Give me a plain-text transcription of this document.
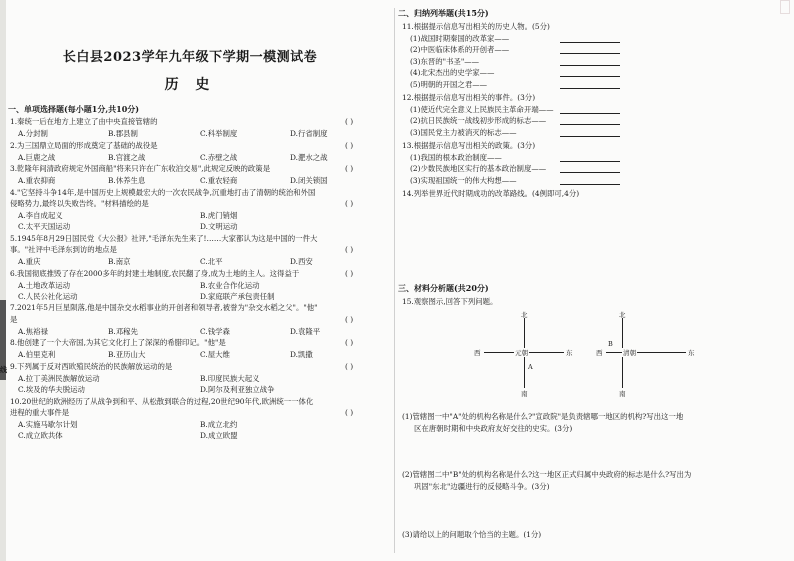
线
长白县2023学年九年级下学期一模测试卷
历 史
一、单项选择题(每小题1分,共10分)
1.秦统一后在地方上建立了由中央直接管辖的	( )
A.分封制	B.郡县制	C.科举制度	D.行省制度
2.为三国鼎立局面的形成奠定了基础的战役是	( )
A.巨鹿之战	B.官渡之战	C.赤壁之战	D.淝水之战
3.乾隆年间清政府规定外国商船"将来只许在广东收泊交易",此规定反映的政策是	( )
A.重农抑商	B.休养生息	C.重农轻商	D.闭关锁国
4."它坚持斗争14年,是中国历史上规模最宏大的一次农民战争,沉重地打击了清朝的统治和外国
侵略势力,最终以失败告终。"材料描绘的是	( )
A.李自成起义	B.虎门销烟
C.太平天国运动	D.文明运动
5.1945年8月29日国民党《大公报》社评,"毛泽东先生来了!……大家都认为这是中国的一件大
事。"社评中毛泽东到访的地点是	( )
A.重庆	B.南京	C.北平	D.西安
6.我国彻底推毁了存在2000多年的封建土地制度,农民翻了身,成为土地的主人。这得益于	( )
A.土地改革运动	B.农业合作化运动
C.人民公社化运动	D.家庭联产承包责任制
7.2021年5月巨星陨落,他是中国杂交水稻事业的开创者和领导者,被誉为"杂交水稻之父"。"他"
是	( )
A.焦裕禄	B.邓稼先	C.钱学森	D.袁隆平
8.他创建了一个大帝国,为其它文化打上了深深的希腊印记。"他"是	( )
A.伯里克利	B.亚历山大	C.屋大维	D.凯撒
9.下列属于反对西欧殖民统治的民族解放运动的是	( )
A.拉丁美洲民族解放运动	B.印度民族大起义
C.埃及的华夫脱运动	D.阿尔及利亚独立战争
10.20世纪的欧洲经历了从战争到和平、从松散到联合的过程,20世纪90年代,欧洲统一一体化
进程的重大事件是	( )
A.实施马歇尔计划	B.成立北约
C.成立欧共体	D.成立欧盟
二、归纳列举题(共15分)
11.根据提示信息写出相关的历史人物。(5分)
(1)战国时期秦国的改革家——
(2)中医临床体系的开创者——
(3)东晋的"书圣"——
(4)北宋杰出的史学家——
(5)明朝的开国之君——
12.根据提示信息写出相关的事件。(3分)
(1)使近代完全意义上民族民主革命开端——
(2)抗日民族统一战线初步形成的标志——
(3)国民党主力被消灭的标志——
13.根据提示信息写出相关的政策。(3分)
(1)我国的根本政治制度——
(2)少数民族地区实行的基本政治制度——
(3)实现祖国统一的伟大构想——
14.列举世界近代时期成功的改革路线。(4例即可,4分)
三、材料分析题(共20分)
15.观察图示,回答下列问题。
北
南
西	东
元朝
A
北
南
西	东
清朝
B
(1)管辖图一中"A"处的机构名称是什么?"宣政院"是负责辖哪一地区的机构?写出这一地
区在唐朝时期和中央政府友好交往的史实。(3分)
(2)管辖图二中"B"处的机构名称是什么?这一地区正式归属中央政府的标志是什么?写出为
巩固"东北"边疆进行的反侵略斗争。(3分)
(3)请给以上的问题取个恰当的主题。(1分)
